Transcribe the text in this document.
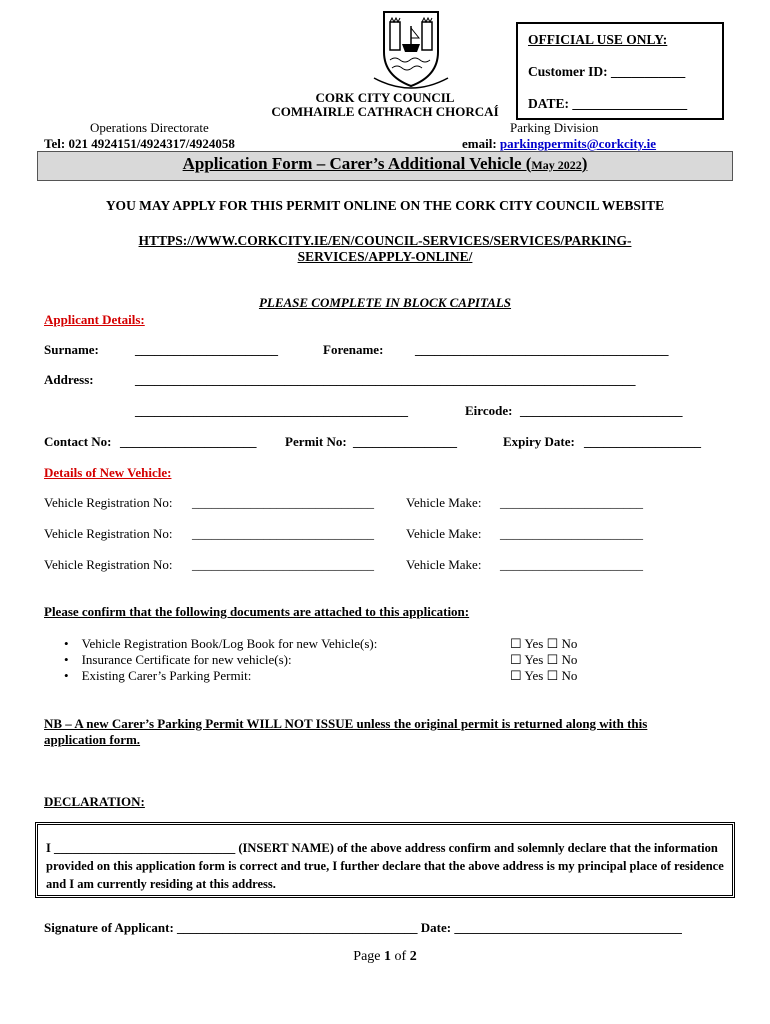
OFFICIAL USE ONLY:
Customer ID: ___________
DATE: _________________
CORK CITY COUNCIL
COMHAIRLE CATHRACH CHORCAÍ
Operations Directorate	Parking Division
Tel: 021 4924151/4924317/4924058	email: parkingpermits@corkcity.ie
Application Form – Carer’s Additional Vehicle (May 2022)
YOU MAY APPLY FOR THIS PERMIT ONLINE ON THE CORK CITY COUNCIL WEBSITE
HTTPS://WWW.CORKCITY.IE/EN/COUNCIL-SERVICES/SERVICES/PARKING-
SERVICES/APPLY-ONLINE/
PLEASE COMPLETE IN BLOCK CAPITALS
Applicant Details:
Surname:	______________________	Forename: _______________________________________
Address:	_____________________________________________________________________________
__________________________________________	Eircode: _________________________
Contact No: _____________________ Permit No: ________________	Expiry Date: __________________
Details of New Vehicle:
Vehicle Registration No: ____________________________ Vehicle Make: ______________________
Vehicle Registration No: ____________________________ Vehicle Make: ______________________
Vehicle Registration No: ____________________________ Vehicle Make: ______________________
Please confirm that the following documents are attached to this application:
• Vehicle Registration Book/Log Book for new Vehicle(s):	☐ Yes ☐ No
• Insurance Certificate for new vehicle(s):	☐ Yes ☐ No
• Existing Carer’s Parking Permit:	☐ Yes ☐ No
NB – A new Carer’s Parking Permit WILL NOT ISSUE unless the original permit is returned along with this
application form.
DECLARATION:
I _____________________________ (INSERT NAME) of the above address confirm and solemnly declare that the information provided on this application form is correct and true, I further declare that the above address is my principal place of residence and I am currently residing at this address.
Signature of Applicant: _____________________________________ Date: ___________________________________
Page 1 of 2
